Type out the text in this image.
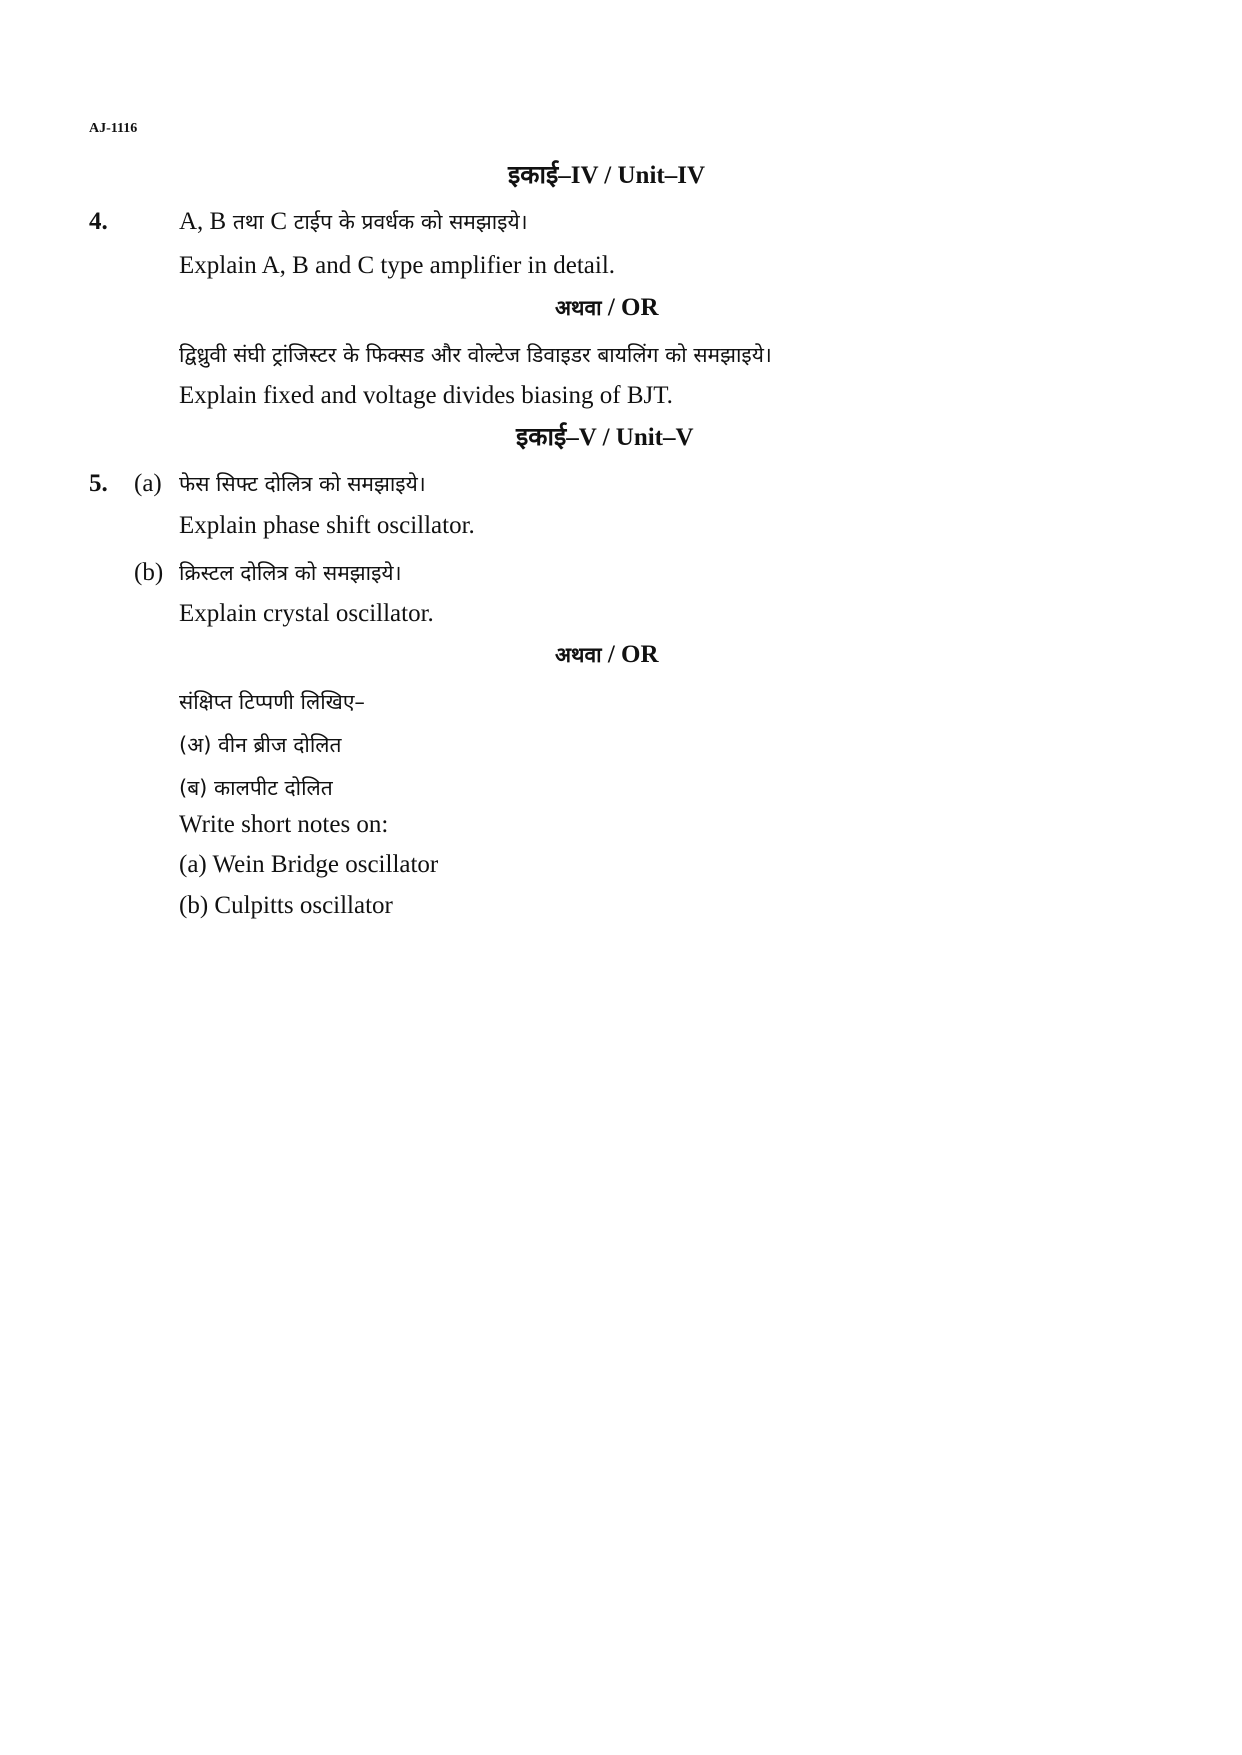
AJ-1116
इकाई–IV / Unit–IV
4.	A, B तथा C टाईप के प्रवर्धक को समझाइये।
Explain A, B and C type amplifier in detail.
अथवा / OR
द्विध्रुवी संघी ट्रांजिस्टर के फिक्सड और वोल्टेज डिवाइडर बायलिंग को समझाइये।
Explain fixed and voltage divides biasing of BJT.
इकाई–V / Unit–V
5. (a) फेस सिफ्ट दोलित्र को समझाइये।
Explain phase shift oscillator.
(b) क्रिस्टल दोलित्र को समझाइये।
Explain crystal oscillator.
अथवा / OR
संक्षिप्त टिप्पणी लिखिए–
(अ) वीन ब्रीज दोलित
(ब) कालपीट दोलित
Write short notes on:
(a) Wein Bridge oscillator
(b) Culpitts oscillator
